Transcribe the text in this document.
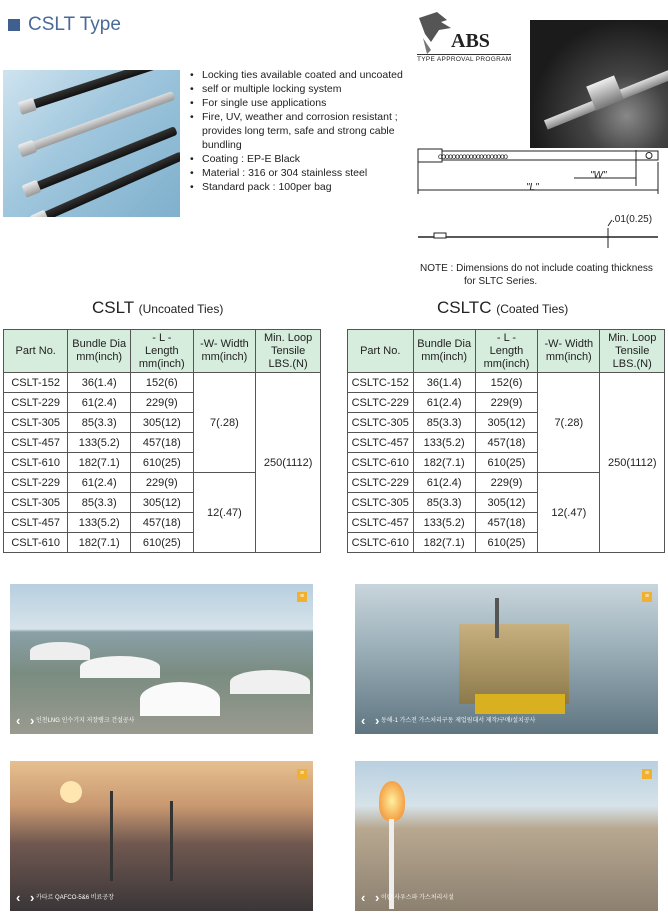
CSLT Type
• Locking ties available coated and uncoated
• self or multiple locking system
• For single use applications
• Fire, UV, weather and corrosion resistant ; provides long term, safe and strong cable bundling
• Coating : EP-E Black
• Material : 316 or 304 stainless steel
• Standard pack : 100per bag
ABS
TYPE APPROVAL PROGRAM
oooooooooooooooooooo
"W"
"L"
.01(0.25)
NOTE : Dimensions do not include coating thickness
for SLTC Series.
CSLT (Uncoated Ties)	CSLTC (Coated Ties)
Part No.	Bundle Dia mm(inch)	- L - Length mm(inch)	-W- Width mm(inch)	Min. Loop Tensile LBS.(N)
CSLT-152	36(1.4)	152(6)	7(.28)	250(1112)
CSLT-229	61(2.4)	229(9)		
CSLT-305	85(3.3)	305(12)		
CSLT-457	133(5.2)	457(18)		
CSLT-610	182(7.1)	610(25)		
CSLT-229	61(2.4)	229(9)	12(.47)	
CSLT-305	85(3.3)	305(12)		
CSLT-457	133(5.2)	457(18)		
CSLT-610	182(7.1)	610(25)		
Part No.	Bundle Dia mm(inch)	- L - Length mm(inch)	-W- Width mm(inch)	Min. Loop Tensile LBS.(N)
CSLTC-152	36(1.4)	152(6)	7(.28)	250(1112)
CSLTC-229	61(2.4)	229(9)		
CSLTC-305	85(3.3)	305(12)		
CSLTC-457	133(5.2)	457(18)		
CSLTC-610	182(7.1)	610(25)		
CSLTC-229	61(2.4)	229(9)	12(.47)	
CSLTC-305	85(3.3)	305(12)		
CSLTC-457	133(5.2)	457(18)		
CSLTC-610	182(7.1)	610(25)		
≡
‹ ›
인천LNG 인수기지 저장탱크 건설공사
≡
‹ ›
동해-1 가스전 가스처리구동 제업림대서 제작/구매/설치공사
≡
‹ ›
카타르 QAFCO-5&6 비료공장
≡
‹ ›
이란 사우스파 가스처리시설
